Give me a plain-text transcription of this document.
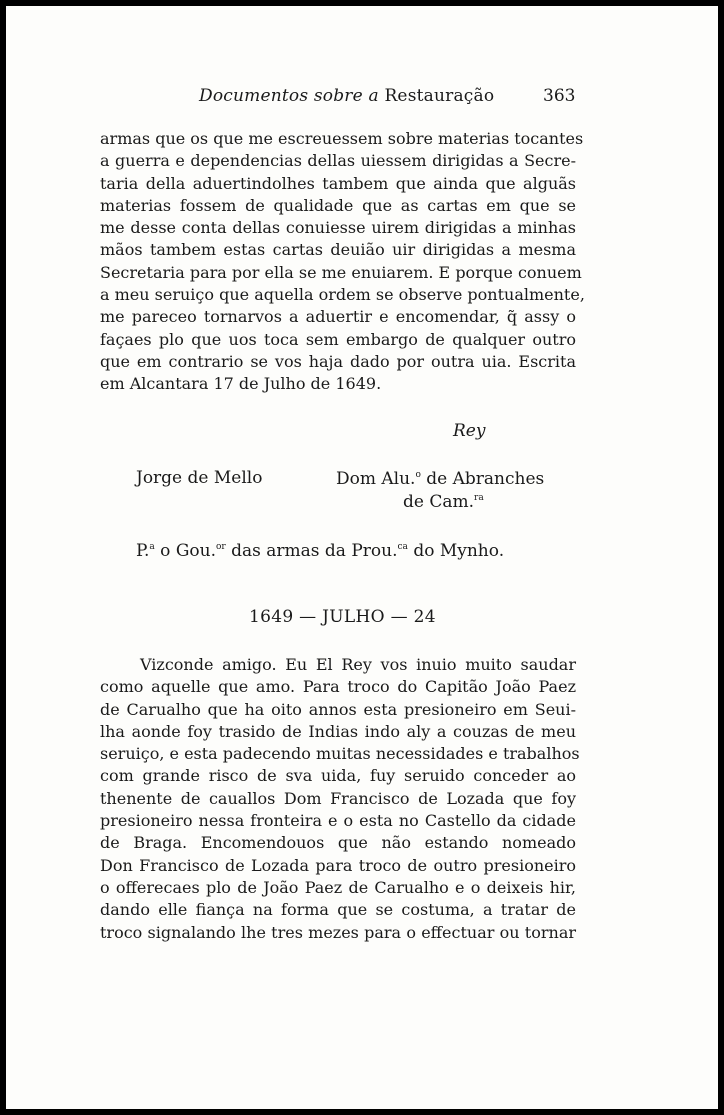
Documentos sobre a Restauração	363
armas que os que me escreuessem sobre materias tocantes
a guerra e dependencias dellas uiessem dirigidas a Secre-
taria della aduertindolhes tambem que ainda que alguãs
materias fossem de qualidade que as cartas em que se
me desse conta dellas conuiesse uirem dirigidas a minhas
mãos tambem estas cartas deuião uir dirigidas a mesma
Secretaria para por ella se me enuiarem. E porque conuem
a meu seruiço que aquella ordem se observe pontualmente,
me pareceo tornarvos a aduertir e encomendar, q̃ assy o
façaes plo que uos toca sem embargo de qualquer outro
que em contrario se vos haja dado por outra uia. Escrita
em Alcantara 17 de Julho de 1649.
Rey
Jorge de Mello	Dom Alu.$^o$ de Abranches
de Cam.$^{ra}$
P.$^a$ o Gou.$^{or}$ das armas da Prou.$^{ca}$ do Mynho.
1649 — JULHO — 24
Vizconde amigo. Eu El Rey vos inuio muito saudar
como aquelle que amo. Para troco do Capitão João Paez
de Carualho que ha oito annos esta presioneiro em Seui-
lha aonde foy trasido de Indias indo aly a couzas de meu
seruiço, e esta padecendo muitas necessidades e trabalhos
com grande risco de sva uida, fuy seruido conceder ao
thenente de cauallos Dom Francisco de Lozada que foy
presioneiro nessa fronteira e o esta no Castello da cidade
de Braga. Encomendouos que não estando nomeado
Don Francisco de Lozada para troco de outro presioneiro
o offerecaes plo de João Paez de Carualho e o deixeis hir,
dando elle fiança na forma que se costuma, a tratar de
troco signalando lhe tres mezes para o effectuar ou tornar
